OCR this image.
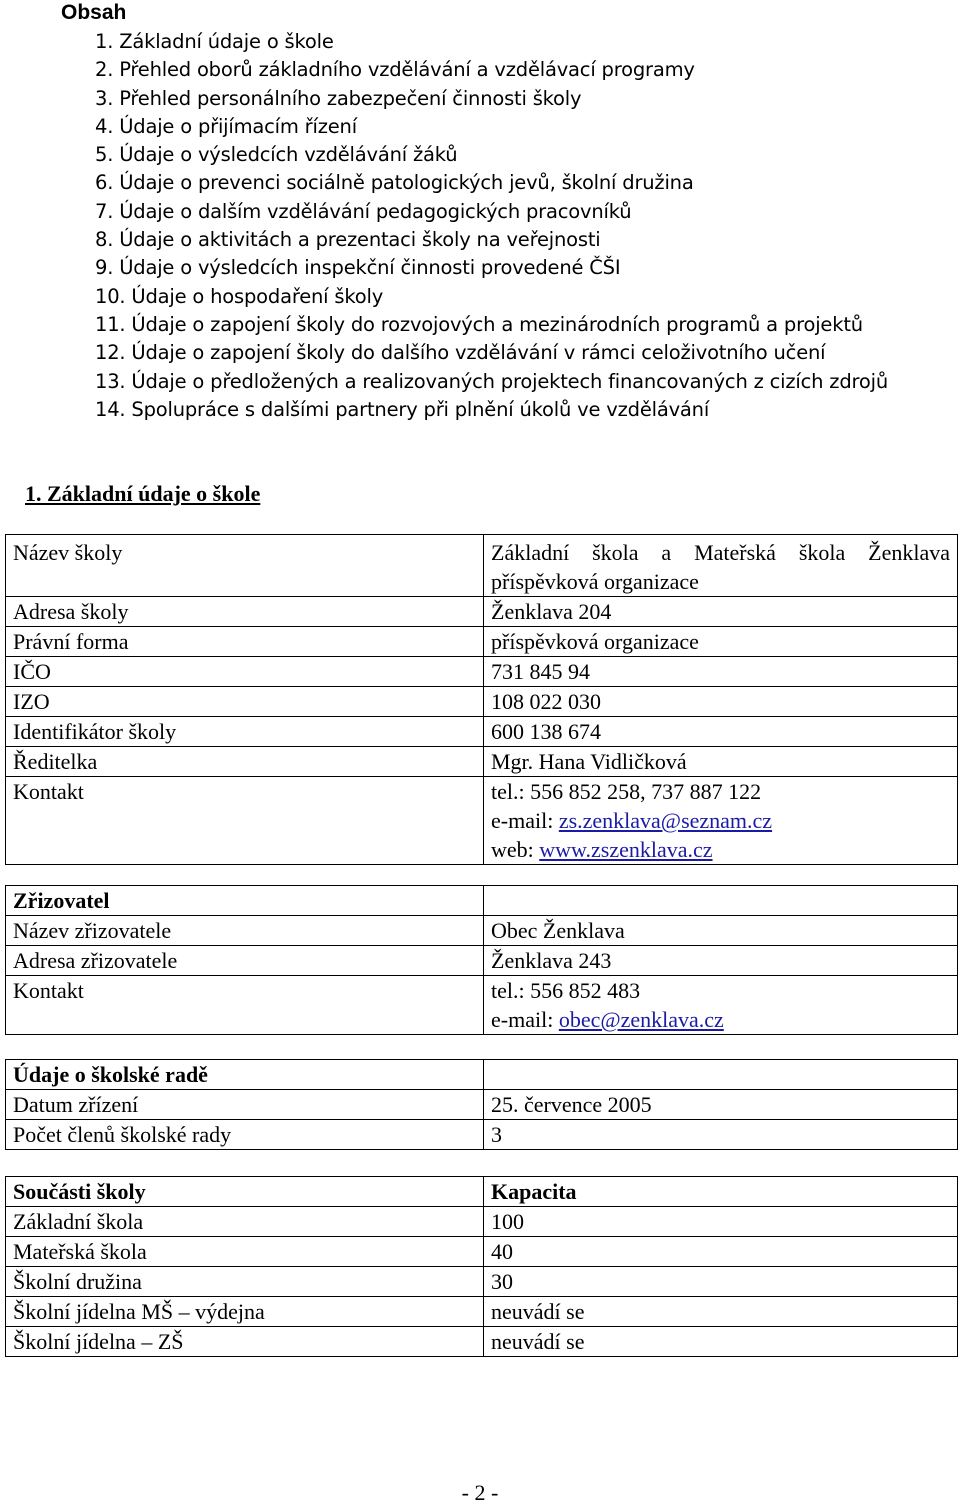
Obsah
1. Základní údaje o škole
2. Přehled oborů základního vzdělávání a vzdělávací programy
3. Přehled personálního zabezpečení činnosti školy
4. Údaje o přijímacím řízení
5. Údaje o výsledcích vzdělávání žáků
6. Údaje o prevenci sociálně patologických jevů, školní družina
7. Údaje o dalším vzdělávání pedagogických pracovníků
8. Údaje o aktivitách a prezentaci školy na veřejnosti
9. Údaje o výsledcích inspekční činnosti provedené ČŠI
10. Údaje o hospodaření školy
11. Údaje o zapojení školy do rozvojových a mezinárodních programů a projektů
12. Údaje o zapojení školy do dalšího vzdělávání v rámci celoživotního učení
13. Údaje o předložených a realizovaných projektech financovaných z cizích zdrojů
14. Spolupráce s dalšími partnery při plnění úkolů ve vzdělávání
1. Základní údaje o škole
Název školy	Základní škola a Mateřská škola Ženklava
příspěvková organizace
Adresa školy	Ženklava 204
Právní forma	příspěvková organizace
IČO	731 845 94
IZO	108 022 030
Identifikátor školy	600 138 674
Ředitelka	Mgr. Hana Vidličková
Kontakt	tel.: 556 852 258, 737 887 122
e-mail: zs.zenklava@seznam.cz
web: www.zszenklava.cz
Zřizovatel	
Název zřizovatele	Obec Ženklava
Adresa zřizovatele	Ženklava 243
Kontakt	tel.: 556 852 483
e-mail: obec@zenklava.cz
Údaje o školské radě	
Datum zřízení	25. července 2005
Počet členů školské rady	3
Součásti školy	Kapacita
Základní škola	100
Mateřská škola	40
Školní družina	30
Školní jídelna MŠ – výdejna	neuvádí se
Školní jídelna – ZŠ	neuvádí se
- 2 -
